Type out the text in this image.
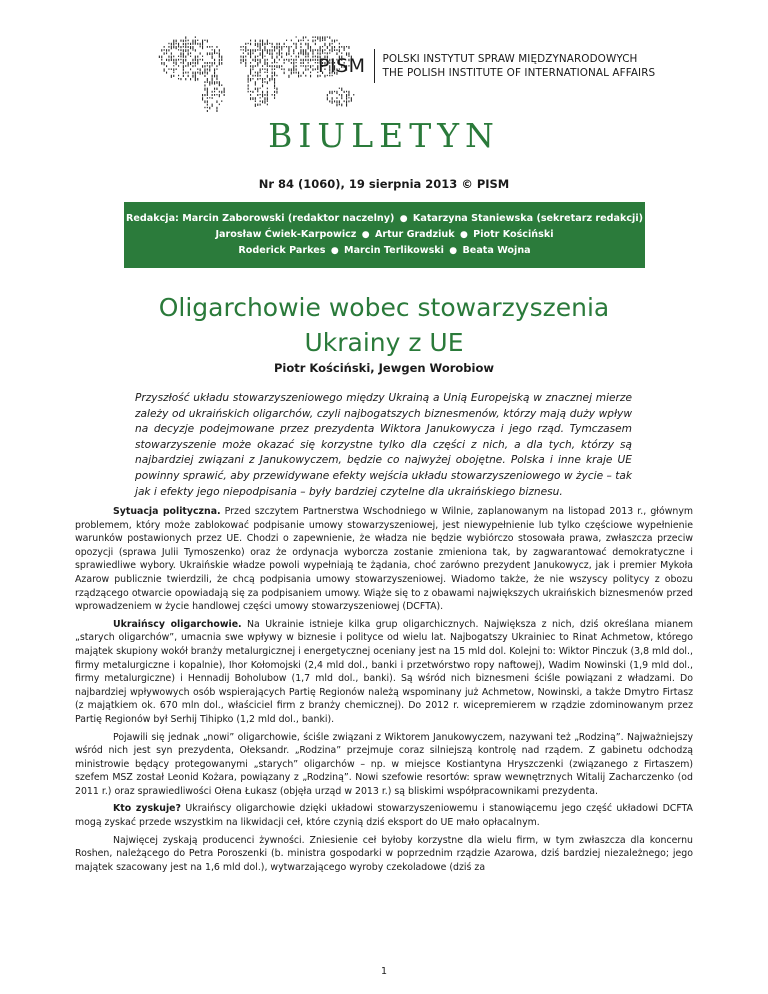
PISM	POLSKI INSTYTUT SPRAW MIĘDZYNARODOWYCH
THE POLISH INSTITUTE OF INTERNATIONAL AFFAIRS
BIULETYN
Nr 84 (1060), 19 sierpnia 2013 © PISM
Redakcja: Marcin Zaborowski (redaktor naczelny) ● Katarzyna Staniewska (sekretarz redakcji)
Jarosław Ćwiek-Karpowicz ● Artur Gradziuk ● Piotr Kościński
Roderick Parkes ● Marcin Terlikowski ● Beata Wojna
Oligarchowie wobec stowarzyszenia
Ukrainy z UE
Piotr Kościński, Jewgen Worobiow
Przyszłość układu stowarzyszeniowego między Ukrainą a Unią Europejską w znacznej mierze zależy od ukraińskich oligarchów, czyli najbogatszych biznesmenów, którzy mają duży wpływ na decyzje podejmowane przez prezydenta Wiktora Janukowycza i jego rząd. Tymczasem stowarzyszenie może okazać się korzystne tylko dla części z nich, a dla tych, którzy są najbardziej związani z Janukowyczem, będzie co najwyżej obojętne. Polska i inne kraje UE powinny sprawić, aby przewidywane efekty wejścia układu stowarzyszeniowego w życie – tak jak i efekty jego niepodpisania – były bardziej czytelne dla ukraińskiego biznesu.

Sytuacja polityczna. Przed szczytem Partnerstwa Wschodniego w Wilnie, zaplanowanym na listopad 2013 r., głównym problemem, który może zablokować podpisanie umowy stowarzyszeniowej, jest niewypełnienie lub tylko częściowe wypełnienie warunków postawionych przez UE. Chodzi o zapewnienie, że władza nie będzie wybiórczo stosowała prawa, zwłaszcza przeciw opozycji (sprawa Julii Tymoszenko) oraz że ordynacja wyborcza zostanie zmieniona tak, by zagwarantować demokratyczne i sprawiedliwe wybory. Ukraińskie władze powoli wypełniają te żądania, choć zarówno prezydent Janukowycz, jak i premier Mykoła Azarow publicznie twierdzili, że chcą podpisania umowy stowarzyszeniowej. Wiadomo także, że nie wszyscy politycy z obozu rządzącego otwarcie opowiadają się za podpisaniem umowy. Wiąże się to z obawami największych ukraińskich biznesmenów przed wprowadzeniem w życie handlowej części umowy stowarzyszeniowej (DCFTA).

Ukraińscy oligarchowie. Na Ukrainie istnieje kilka grup oligarchicznych. Największa z nich, dziś określana mianem „starych oligarchów”, umacnia swe wpływy w biznesie i polityce od wielu lat. Najbogatszy Ukrainiec to Rinat Achmetow, którego majątek skupiony wokół branży metalurgicznej i energetycznej oceniany jest na 15 mld dol. Kolejni to: Wiktor Pinczuk (3,8 mld dol., firmy metalurgiczne i kopalnie), Ihor Kołomojski (2,4 mld dol., banki i przetwórstwo ropy naftowej), Wadim Nowinski (1,9 mld dol., firmy metalurgiczne) i Hennadij Boholubow (1,7 mld dol., banki). Są wśród nich biznesmeni ściśle powiązani z władzami. Do najbardziej wpływowych osób wspierających Partię Regionów należą wspominany już Achmetow, Nowinski, a także Dmytro Firtasz (z majątkiem ok. 670 mln dol., właściciel firm z branży chemicznej). Do 2012 r. wicepremierem w rządzie zdominowanym przez Partię Regionów był Serhij Tihipko (1,2 mld dol., banki).

Pojawili się jednak „nowi” oligarchowie, ściśle związani z Wiktorem Janukowyczem, nazywani też „Rodziną”. Najważniejszy wśród nich jest syn prezydenta, Ołeksandr. „Rodzina” przejmuje coraz silniejszą kontrolę nad rządem. Z gabinetu odchodzą ministrowie będący protegowanymi „starych” oligarchów – np. w miejsce Kostiantyna Hryszczenki (związanego z Firtaszem) szefem MSZ został Leonid Kożara, powiązany z „Rodziną”. Nowi szefowie resortów: spraw wewnętrznych Witalij Zacharczenko (od 2011 r.) oraz sprawiedliwości Ołena Łukasz (objęła urząd w 2013 r.) są bliskimi współpracownikami prezydenta.

Kto zyskuje? Ukraińscy oligarchowie dzięki układowi stowarzyszeniowemu i stanowiącemu jego część układowi DCFTA mogą zyskać przede wszystkim na likwidacji ceł, które czynią dziś eksport do UE mało opłacalnym.

Najwięcej zyskają producenci żywności. Zniesienie ceł byłoby korzystne dla wielu firm, w tym zwłaszcza dla koncernu Roshen, należącego do Petra Poroszenki (b. ministra gospodarki w poprzednim rządzie Azarowa, dziś bardziej niezależnego; jego majątek szacowany jest na 1,6 mld dol.), wytwarzającego wyroby czekoladowe (dziś za

1
